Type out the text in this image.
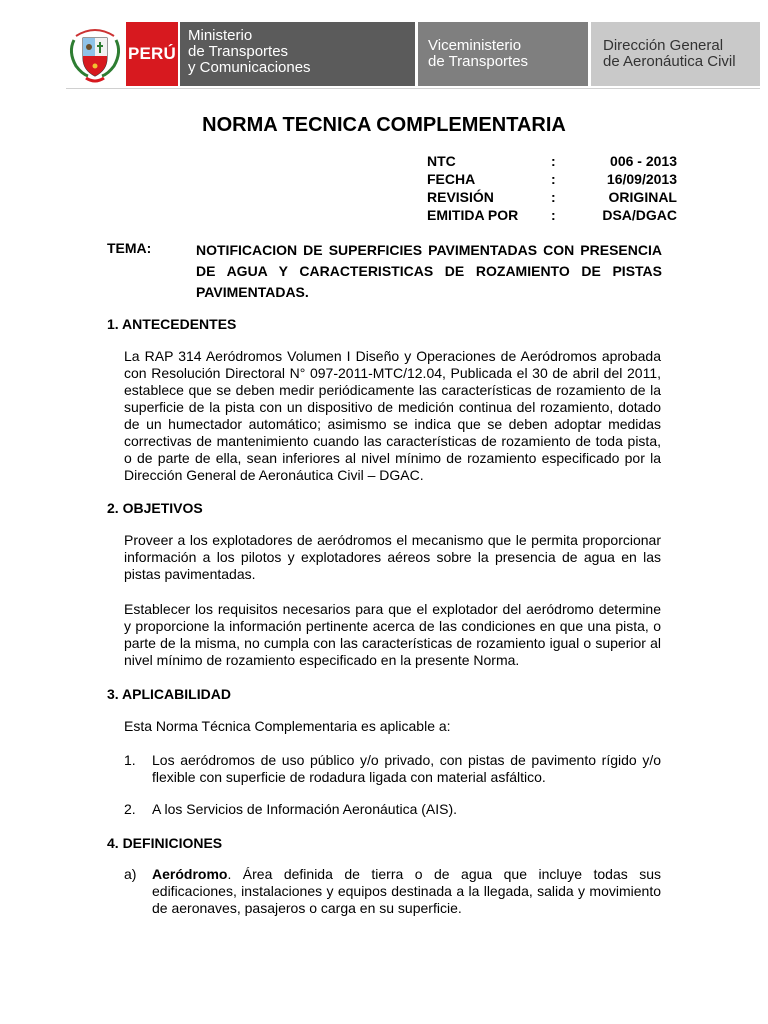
PERÚ
Ministerio
de Transportes
y Comunicaciones
Viceministerio
de Transportes
Dirección General
de Aeronáutica Civil
NORMA TECNICA COMPLEMENTARIA
NTC	:	006 - 2013
FECHA	:	16/09/2013
REVISIÓN	:	ORIGINAL
EMITIDA POR :	DSA/DGAC
TEMA:	NOTIFICACION DE SUPERFICIES PAVIMENTADAS CON PRESENCIA DE AGUA Y CARACTERISTICAS DE ROZAMIENTO DE PISTAS PAVIMENTADAS.
1. ANTECEDENTES
La RAP 314 Aeródromos Volumen I Diseño y Operaciones de Aeródromos aprobada con Resolución Directoral N° 097-2011-MTC/12.04, Publicada el 30 de abril del 2011, establece que se deben medir periódicamente las características de rozamiento de la superficie de la pista con un dispositivo de medición continua del rozamiento, dotado de un humectador automático; asimismo se indica que se deben adoptar medidas correctivas de mantenimiento cuando las características de rozamiento de toda pista, o de parte de ella, sean inferiores al nivel mínimo de rozamiento especificado por la Dirección General de Aeronáutica Civil – DGAC.
2. OBJETIVOS
Proveer a los explotadores de aeródromos el mecanismo que le permita proporcionar información a los pilotos y explotadores aéreos sobre la presencia de agua en las pistas pavimentadas.
Establecer los requisitos necesarios para que el explotador del aeródromo determine y proporcione la información pertinente acerca de las condiciones en que una pista, o parte de la misma, no cumpla con las características de rozamiento igual o superior al nivel mínimo de rozamiento especificado en la presente Norma.
3. APLICABILIDAD
Esta Norma Técnica Complementaria es aplicable a:
1. Los aeródromos de uso público y/o privado, con pistas de pavimento rígido y/o flexible con superficie de rodadura ligada con material asfáltico.
2. A los Servicios de Información Aeronáutica (AIS).
4. DEFINICIONES
a) Aeródromo. Área definida de tierra o de agua que incluye todas sus edificaciones, instalaciones y equipos destinada a la llegada, salida y movimiento de aeronaves, pasajeros o carga en su superficie.
